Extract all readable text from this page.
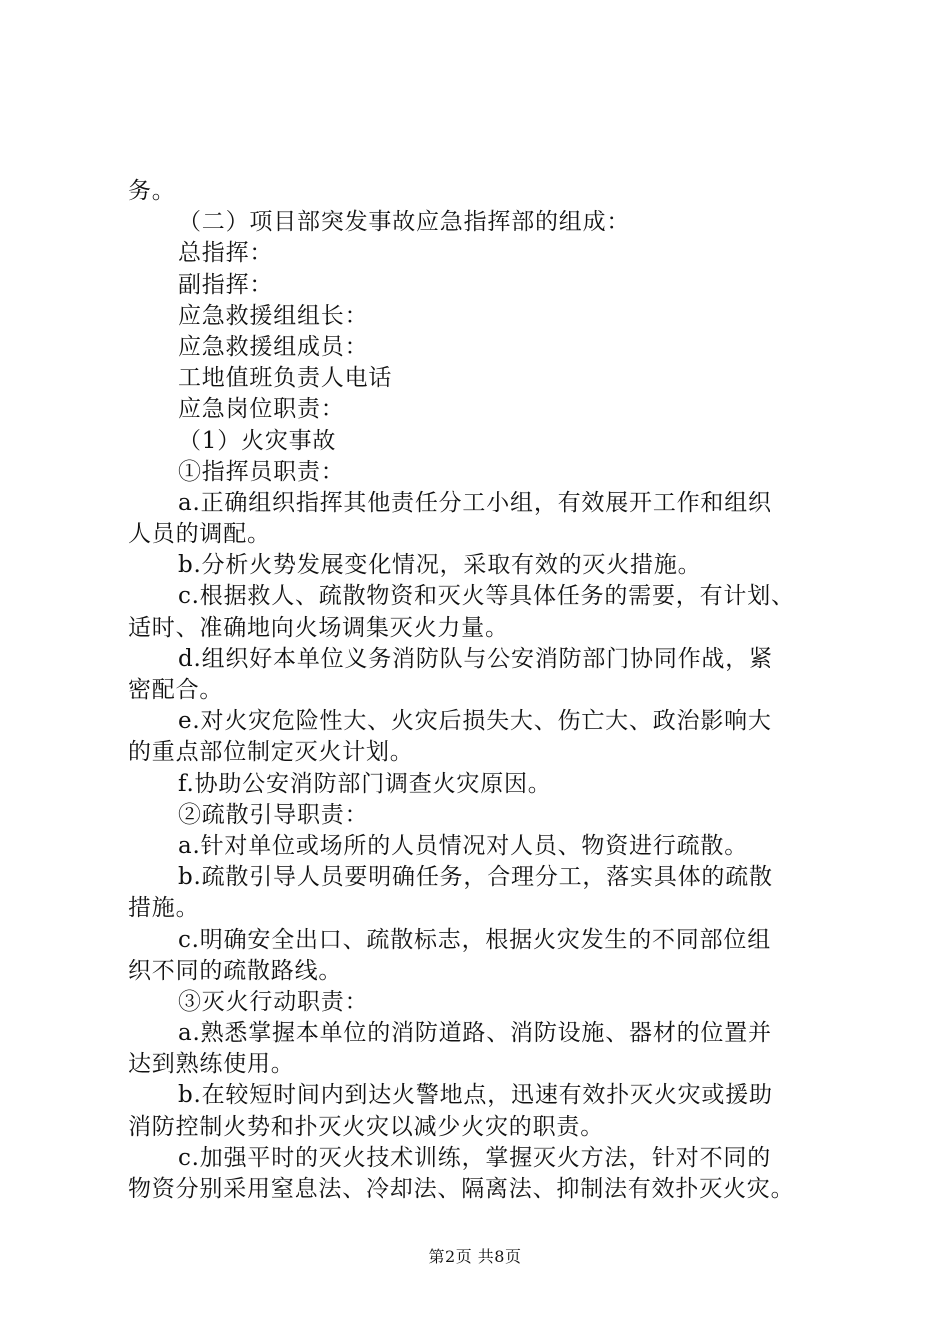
务。
（二）项目部突发事故应急指挥部的组成：
总指挥：
副指挥：
应急救援组组长：
应急救援组成员：
工地值班负责人电话
应急岗位职责：
（1）火灾事故
①指挥员职责：
a.正确组织指挥其他责任分工小组，有效展开工作和组织
人员的调配。
b.分析火势发展变化情况，采取有效的灭火措施。
c.根据救人、疏散物资和灭火等具体任务的需要，有计划、
适时、准确地向火场调集灭火力量。
d.组织好本单位义务消防队与公安消防部门协同作战，紧
密配合。
e.对火灾危险性大、火灾后损失大、伤亡大、政治影响大
的重点部位制定灭火计划。
f.协助公安消防部门调查火灾原因。
②疏散引导职责：
a.针对单位或场所的人员情况对人员、物资进行疏散。
b.疏散引导人员要明确任务，合理分工，落实具体的疏散
措施。
c.明确安全出口、疏散标志，根据火灾发生的不同部位组
织不同的疏散路线。
③灭火行动职责：
a.熟悉掌握本单位的消防道路、消防设施、器材的位置并
达到熟练使用。
b.在较短时间内到达火警地点，迅速有效扑灭火灾或援助
消防控制火势和扑灭火灾以减少火灾的职责。
c.加强平时的灭火技术训练，掌握灭火方法，针对不同的
物资分别采用窒息法、冷却法、隔离法、抑制法有效扑灭火灾。
第2页 共8页
